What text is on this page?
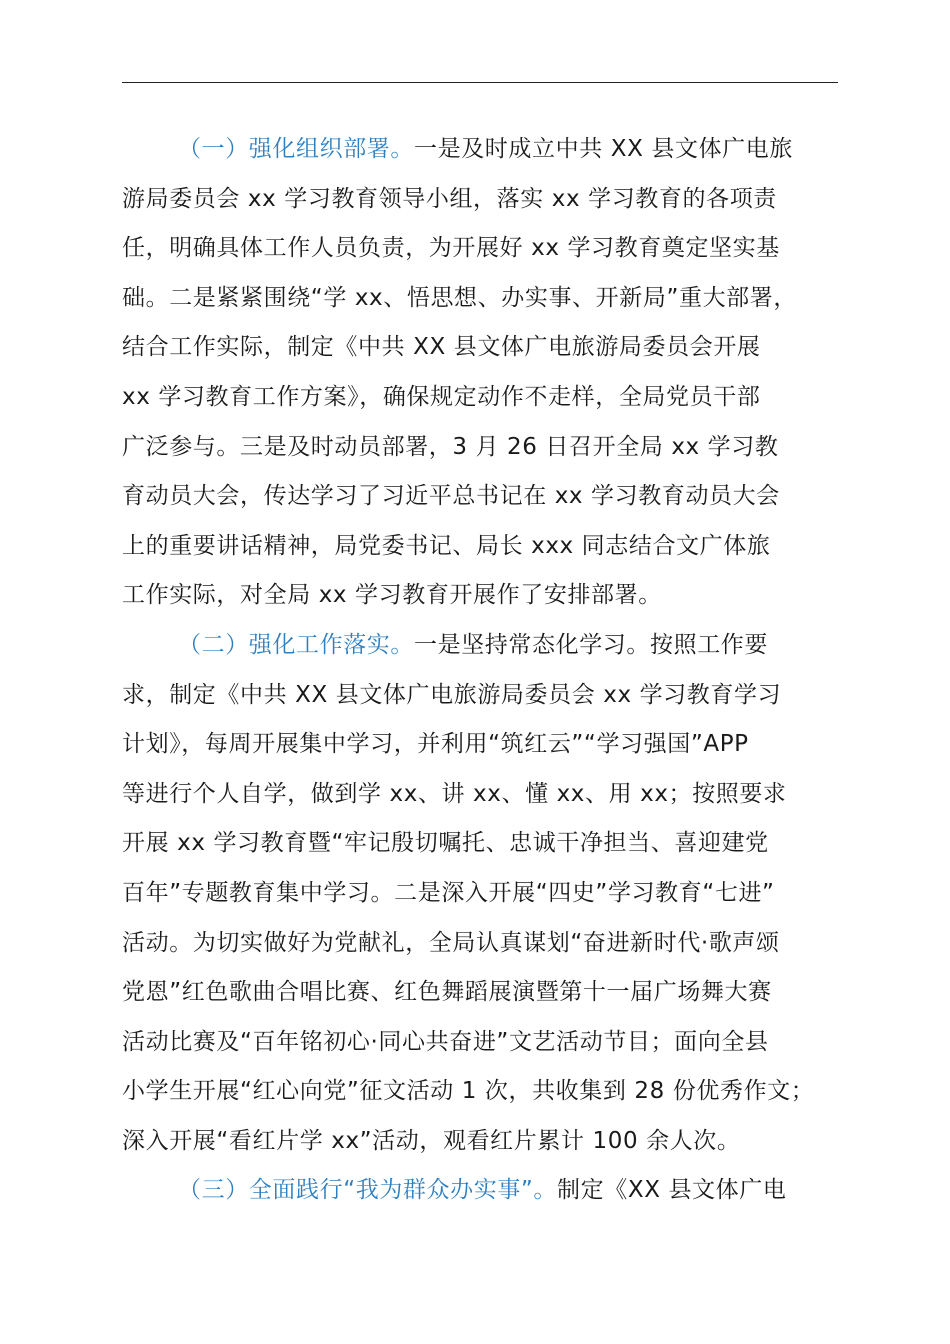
（一）强化组织部署。一是及时成立中共 XX 县文体广电旅
游局委员会 xx 学习教育领导小组，落实 xx 学习教育的各项责
任，明确具体工作人员负责，为开展好 xx 学习教育奠定坚实基
础。二是紧紧围绕“学 xx、悟思想、办实事、开新局”重大部署，
结合工作实际，制定《中共 XX 县文体广电旅游局委员会开展
xx 学习教育工作方案》，确保规定动作不走样，全局党员干部
广泛参与。三是及时动员部署，3 月 26 日召开全局 xx 学习教
育动员大会，传达学习了习近平总书记在 xx 学习教育动员大会
上的重要讲话精神，局党委书记、局长 xxx 同志结合文广体旅
工作实际，对全局 xx 学习教育开展作了安排部署。
（二）强化工作落实。一是坚持常态化学习。按照工作要
求，制定《中共 XX 县文体广电旅游局委员会 xx 学习教育学习
计划》，每周开展集中学习，并利用“筑红云”“学习强国”APP
等进行个人自学，做到学 xx、讲 xx、懂 xx、用 xx；按照要求
开展 xx 学习教育暨“牢记殷切嘱托、忠诚干净担当、喜迎建党
百年”专题教育集中学习。二是深入开展“四史”学习教育“七进”
活动。为切实做好为党献礼，全局认真谋划“奋进新时代·歌声颂
党恩”红色歌曲合唱比赛、红色舞蹈展演暨第十一届广场舞大赛
活动比赛及“百年铭初心·同心共奋进”文艺活动节目；面向全县
小学生开展“红心向党”征文活动 1 次，共收集到 28 份优秀作文；
深入开展“看红片学 xx”活动，观看红片累计 100 余人次。
（三）全面践行“我为群众办实事”。制定《XX 县文体广电
